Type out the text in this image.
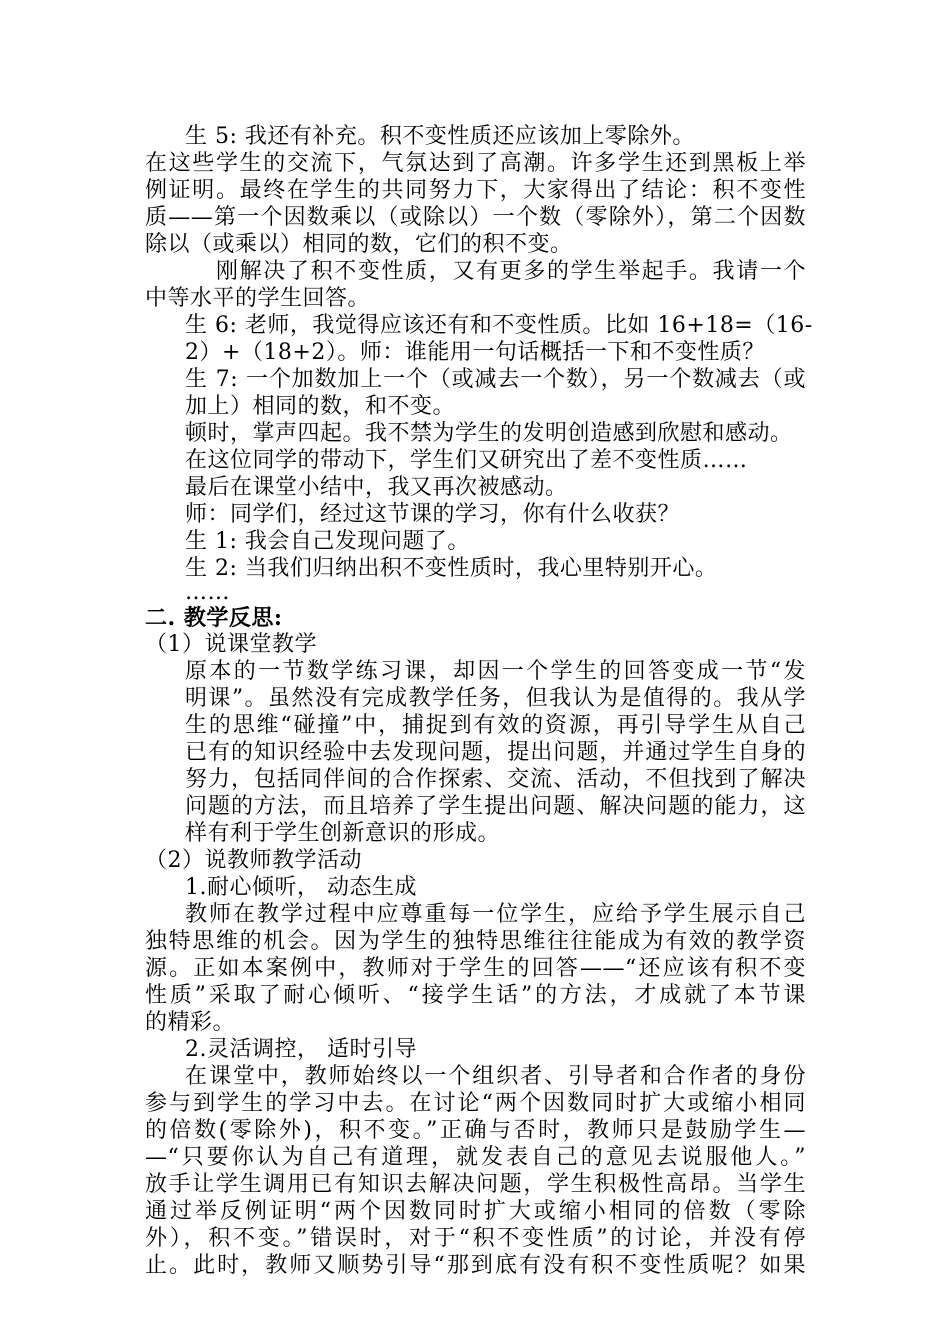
生 5: 我还有补充。积不变性质还应该加上零除外。
在这些学生的交流下，气氛达到了高潮。许多学生还到黑板上举
例证明。最终在学生的共同努力下，大家得出了结论：积不变性
质——第一个因数乘以（或除以）一个数（零除外），第二个因数
除以（或乘以）相同的数，它们的积不变。
刚解决了积不变性质，又有更多的学生举起手。我请一个
中等水平的学生回答。
生 6: 老师，我觉得应该还有和不变性质。比如 16+18=（16-
2）+（18+2）。师：谁能用一句话概括一下和不变性质？
生 7: 一个加数加上一个（或减去一个数），另一个数减去（或
加上）相同的数，和不变。
顿时，掌声四起。我不禁为学生的发明创造感到欣慰和感动。
在这位同学的带动下，学生们又研究出了差不变性质……
最后在课堂小结中，我又再次被感动。
师：同学们，经过这节课的学习，你有什么收获？
生 1: 我会自己发现问题了。
生 2: 当我们归纳出积不变性质时，我心里特别开心。
……
二. 教学反思:
（1）说课堂教学
原本的一节数学练习课，却因一个学生的回答变成一节“发
明课”。虽然没有完成教学任务，但我认为是值得的。我从学
生的思维“碰撞”中，捕捉到有效的资源，再引导学生从自己
已有的知识经验中去发现问题，提出问题，并通过学生自身的
努力，包括同伴间的合作探索、交流、活动，不但找到了解决
问题的方法，而且培养了学生提出问题、解决问题的能力，这
样有利于学生创新意识的形成。
（2）说教师教学活动
1.耐心倾听， 动态生成
教师在教学过程中应尊重每一位学生，应给予学生展示自己
独特思维的机会。因为学生的独特思维往往能成为有效的教学资
源。正如本案例中，教师对于学生的回答——“还应该有积不变
性质”采取了耐心倾听、“接学生话”的方法，才成就了本节课
的精彩。
2.灵活调控， 适时引导
在课堂中，教师始终以一个组织者、引导者和合作者的身份
参与到学生的学习中去。在讨论“两个因数同时扩大或缩小相同
的倍数(零除外)，积不变。”正确与否时，教师只是鼓励学生—
—“只要你认为自己有道理，就发表自己的意见去说服他人。”
放手让学生调用已有知识去解决问题，学生积极性高昂。当学生
通过举反例证明“两个因数同时扩大或缩小相同的倍数（零除
外），积不变。”错误时，对于“积不变性质”的讨论，并没有停
止。此时，教师又顺势引导“那到底有没有积不变性质呢？如果
